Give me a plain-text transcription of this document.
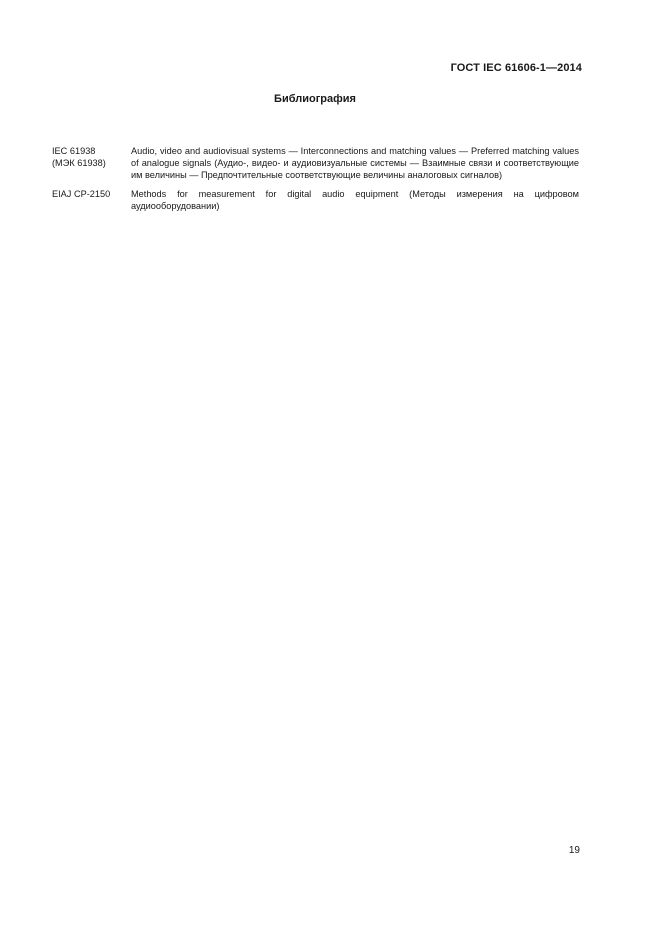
ГОСТ IEC 61606-1—2014
Библиография
IEC 61938
(МЭК 61938)
Audio, video and audiovisual systems — Interconnections and matching values — Preferred matching values of analogue signals (Аудио-, видео- и аудиовизуальные системы — Взаимные связи и соответствующие им величины — Предпочтительные соответствующие величины аналоговых сигналов)
EIAJ CP-2150	Methods for measurement for digital audio equipment (Методы измерения на цифровом аудиооборудовании)
19
